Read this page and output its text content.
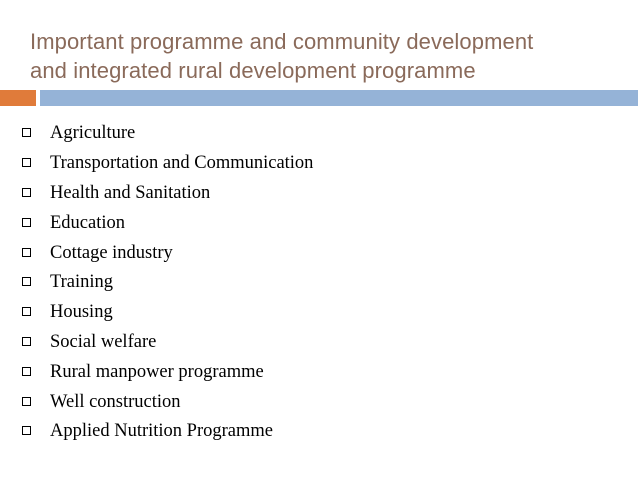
Important programme and community development
and integrated rural development programme
Agriculture
Transportation and Communication
Health and Sanitation
Education
Cottage industry
Training
Housing
Social welfare
Rural manpower programme
Well construction
Applied Nutrition Programme
